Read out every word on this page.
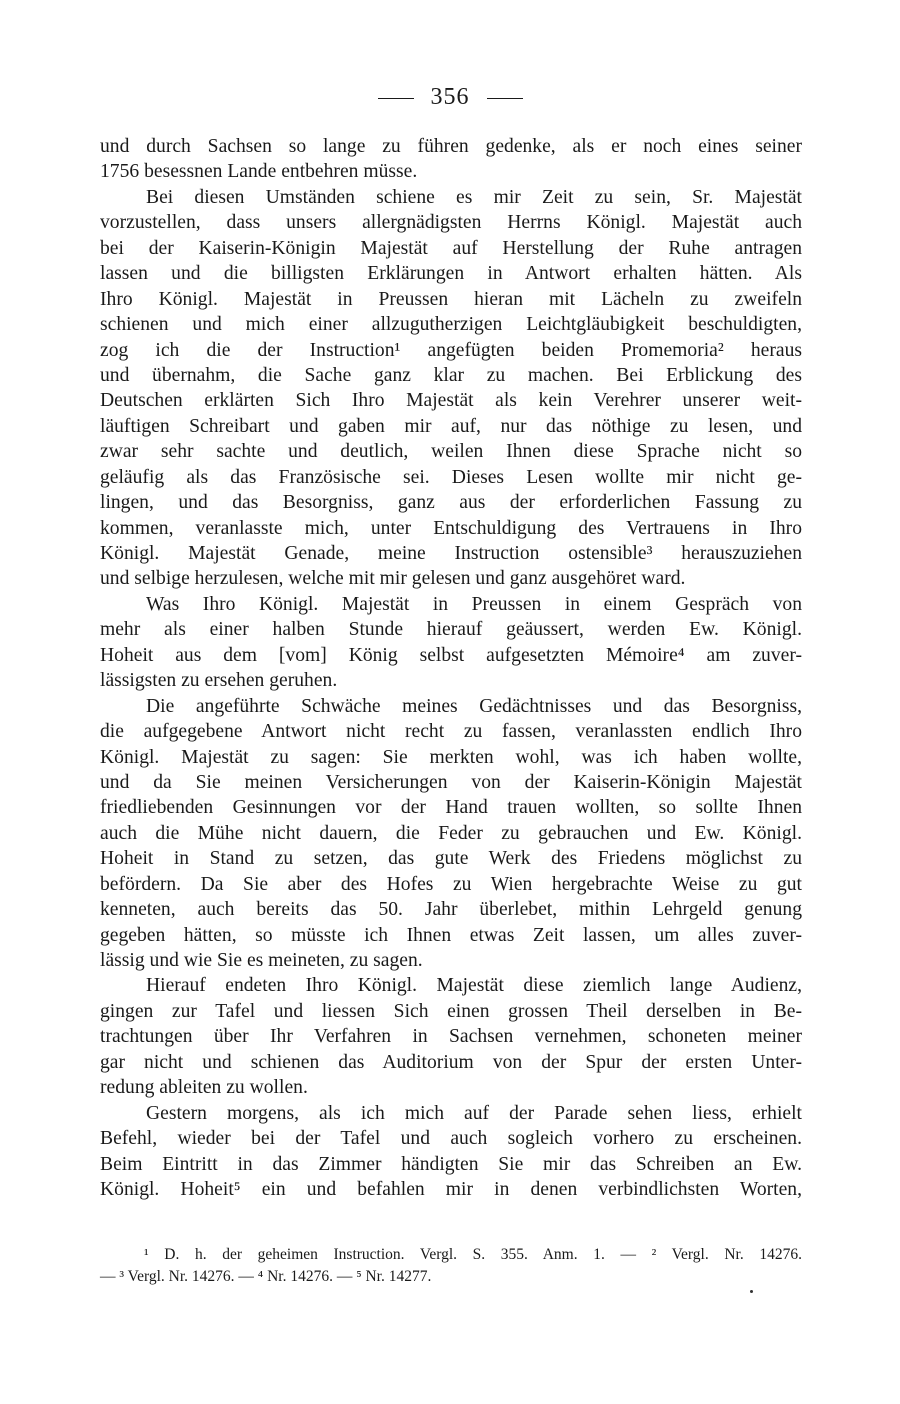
356
und durch Sachsen so lange zu führen gedenke, als er noch eines seiner
1756 besessnen Lande entbehren müsse.
Bei diesen Umständen schiene es mir Zeit zu sein, Sr. Majestät
vorzustellen, dass unsers allergnädigsten Herrns Königl. Majestät auch
bei der Kaiserin-Königin Majestät auf Herstellung der Ruhe antragen
lassen und die billigsten Erklärungen in Antwort erhalten hätten. Als
Ihro Königl. Majestät in Preussen hieran mit Lächeln zu zweifeln
schienen und mich einer allzugutherzigen Leichtgläubigkeit beschuldigten,
zog ich die der Instruction¹ angefügten beiden Promemoria² heraus
und übernahm, die Sache ganz klar zu machen. Bei Erblickung des
Deutschen erklärten Sich Ihro Majestät als kein Verehrer unserer weit-
läuftigen Schreibart und gaben mir auf, nur das nöthige zu lesen, und
zwar sehr sachte und deutlich, weilen Ihnen diese Sprache nicht so
geläufig als das Französische sei. Dieses Lesen wollte mir nicht ge-
lingen, und das Besorgniss, ganz aus der erforderlichen Fassung zu
kommen, veranlasste mich, unter Entschuldigung des Vertrauens in Ihro
Königl. Majestät Genade, meine Instruction ostensible³ herauszuziehen
und selbige herzulesen, welche mit mir gelesen und ganz ausgehöret ward.
Was Ihro Königl. Majestät in Preussen in einem Gespräch von
mehr als einer halben Stunde hierauf geäussert, werden Ew. Königl.
Hoheit aus dem [vom] König selbst aufgesetzten Mémoire⁴ am zuver-
lässigsten zu ersehen geruhen.
Die angeführte Schwäche meines Gedächtnisses und das Besorgniss,
die aufgegebene Antwort nicht recht zu fassen, veranlassten endlich Ihro
Königl. Majestät zu sagen: Sie merkten wohl, was ich haben wollte,
und da Sie meinen Versicherungen von der Kaiserin-Königin Majestät
friedliebenden Gesinnungen vor der Hand trauen wollten, so sollte Ihnen
auch die Mühe nicht dauern, die Feder zu gebrauchen und Ew. Königl.
Hoheit in Stand zu setzen, das gute Werk des Friedens möglichst zu
befördern. Da Sie aber des Hofes zu Wien hergebrachte Weise zu gut
kenneten, auch bereits das 50. Jahr überlebet, mithin Lehrgeld genung
gegeben hätten, so müsste ich Ihnen etwas Zeit lassen, um alles zuver-
lässig und wie Sie es meineten, zu sagen.
Hierauf endeten Ihro Königl. Majestät diese ziemlich lange Audienz,
gingen zur Tafel und liessen Sich einen grossen Theil derselben in Be-
trachtungen über Ihr Verfahren in Sachsen vernehmen, schoneten meiner
gar nicht und schienen das Auditorium von der Spur der ersten Unter-
redung ableiten zu wollen.
Gestern morgens, als ich mich auf der Parade sehen liess, erhielt
Befehl, wieder bei der Tafel und auch sogleich vorhero zu erscheinen.
Beim Eintritt in das Zimmer händigten Sie mir das Schreiben an Ew.
Königl. Hoheit⁵ ein und befahlen mir in denen verbindlichsten Worten,
¹ D. h. der geheimen Instruction. Vergl. S. 355. Anm. 1. — ² Vergl. Nr. 14276.
— ³ Vergl. Nr. 14276. — ⁴ Nr. 14276. — ⁵ Nr. 14277.
